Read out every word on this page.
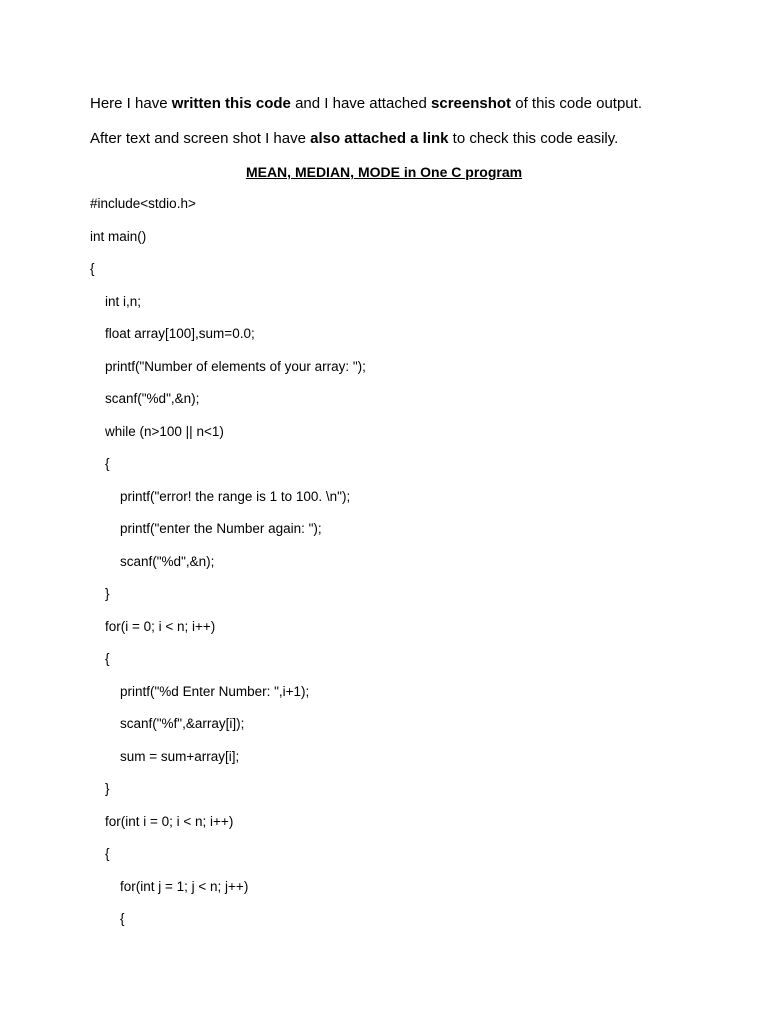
Here I have written this code and I have attached screenshot of this code output.
After text and screen shot I have also attached a link to check this code easily.
MEAN, MEDIAN, MODE in One C program
#include<stdio.h>
int main()
{
int i,n;
float array[100],sum=0.0;
printf("Number of elements of your array: ");
scanf("%d",&n);
while (n>100 || n<1)
{
printf("error! the range is 1 to 100. \n");
printf("enter the Number again: ");
scanf("%d",&n);
}
for(i = 0; i < n; i++)
{
printf("%d Enter Number: ",i+1);
scanf("%f",&array[i]);
sum = sum+array[i];
}
for(int i = 0; i < n; i++)
{
for(int j = 1; j < n; j++)
{
